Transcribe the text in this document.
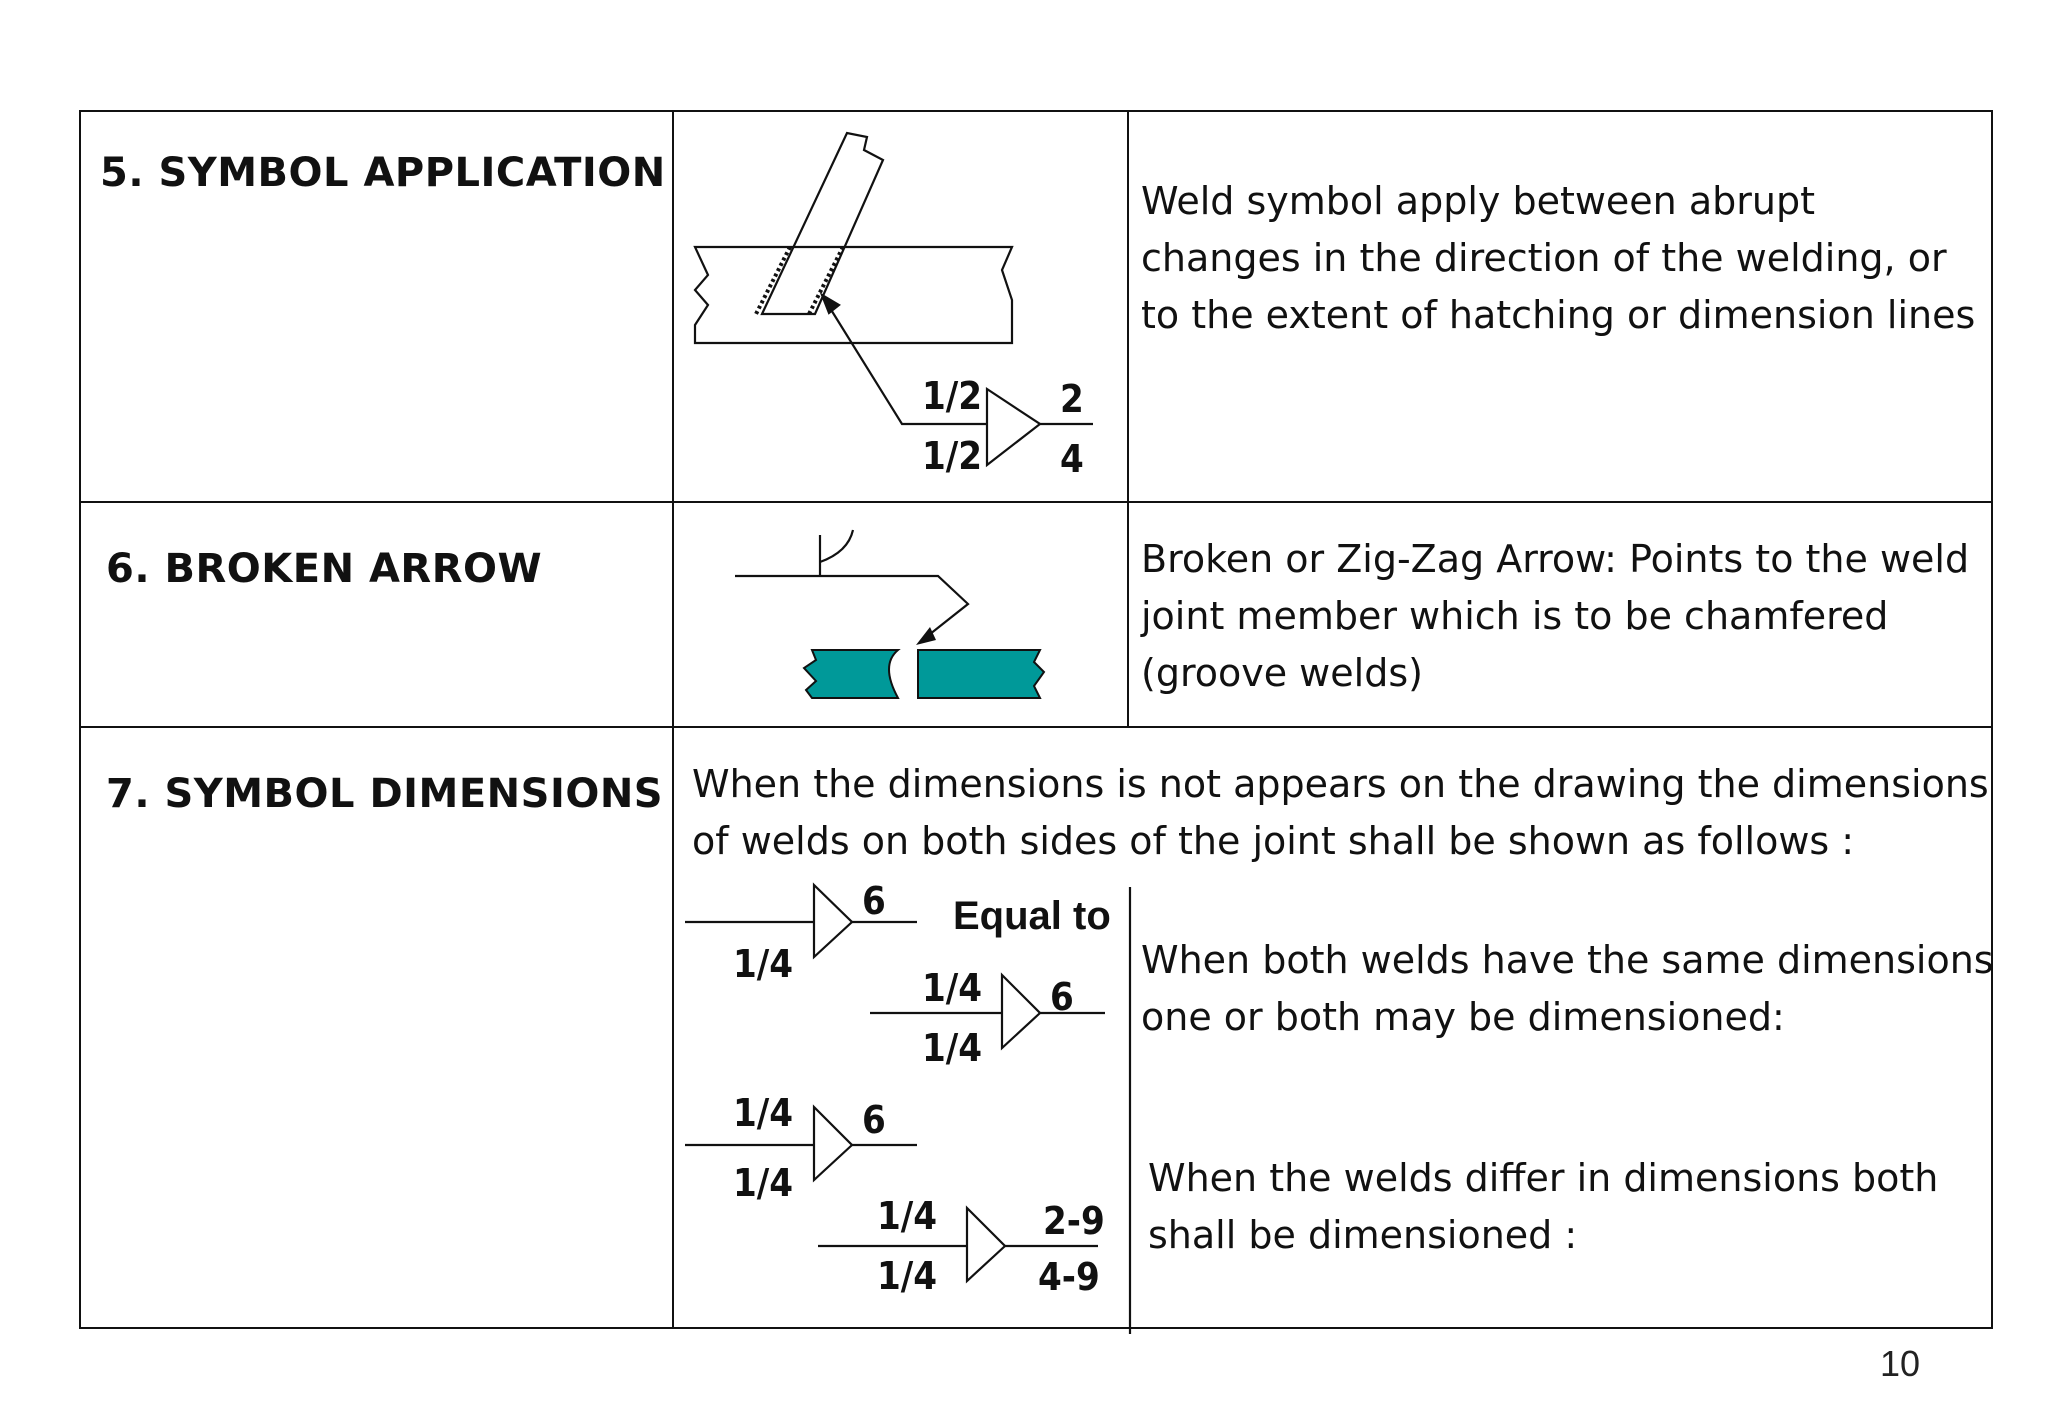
1/2
1/2
2
4
6
1/4
Equal to
1/4
1/4
6
1/4
1/4
6
1/4
1/4
2-9
4-9
5. SYMBOL APPLICATION
6. BROKEN ARROW
7. SYMBOL DIMENSIONS
Weld symbol apply between abrupt
changes in the direction of the welding, or
to the extent of hatching or dimension lines
Broken or Zig-Zag Arrow: Points to the weld
joint member which is to be chamfered
(groove welds)
When the dimensions is not appears on the drawing the dimensions
of welds on both sides of the joint shall be shown as follows :
When both welds have the same dimensions
one or both may be dimensioned:
When the welds differ in dimensions both
shall be dimensioned :
10
